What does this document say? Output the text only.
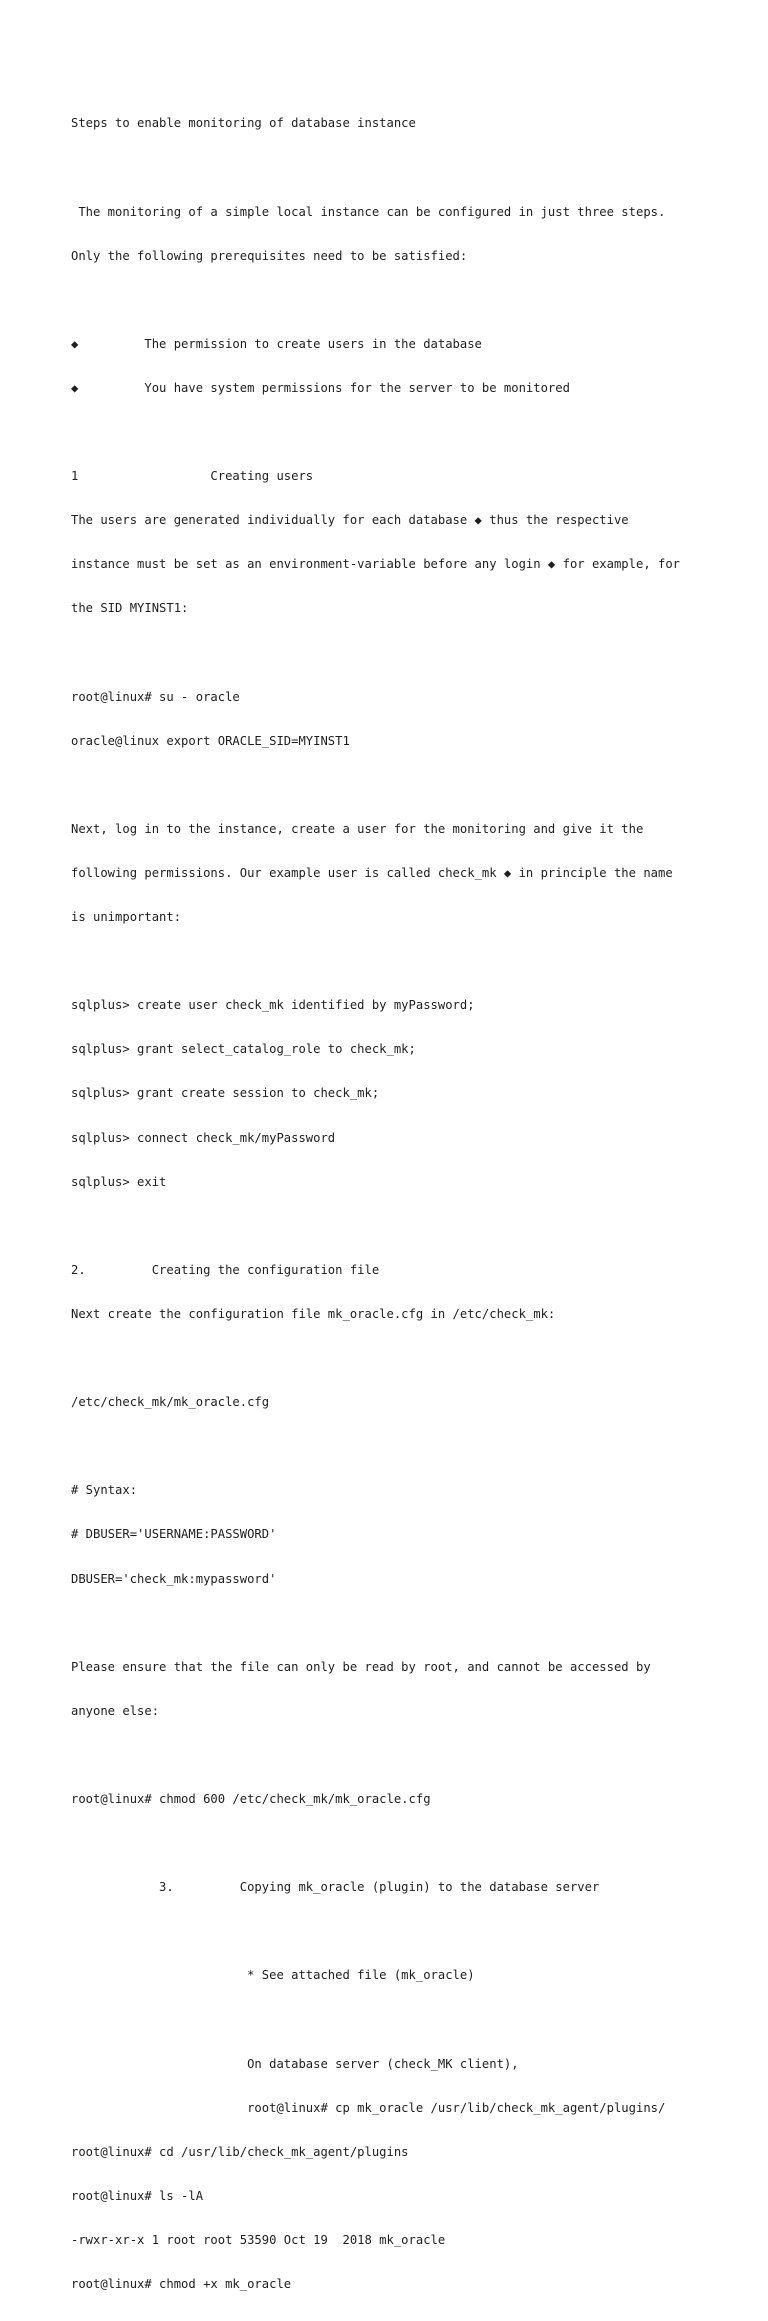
Steps to enable monitoring of database instance

The monitoring of a simple local instance can be configured in just three steps.

Only the following prerequisites need to be satisfied:

◆         The permission to create users in the database

◆         You have system permissions for the server to be monitored

1                  Creating users

The users are generated individually for each database ◆ thus the respective

instance must be set as an environment-variable before any login ◆ for example, for

the SID MYINST1:

root@linux# su - oracle

oracle@linux export ORACLE_SID=MYINST1

Next, log in to the instance, create a user for the monitoring and give it the

following permissions. Our example user is called check_mk ◆ in principle the name

is unimportant:

sqlplus> create user check_mk identified by myPassword;

sqlplus> grant select_catalog_role to check_mk;

sqlplus> grant create session to check_mk;

sqlplus> connect check_mk/myPassword

sqlplus> exit

2.         Creating the configuration file

Next create the configuration file mk_oracle.cfg in /etc/check_mk:

/etc/check_mk/mk_oracle.cfg

# Syntax:

# DBUSER='USERNAME:PASSWORD'

DBUSER='check_mk:mypassword'

Please ensure that the file can only be read by root, and cannot be accessed by

anyone else:

root@linux# chmod 600 /etc/check_mk/mk_oracle.cfg

3.         Copying mk_oracle (plugin) to the database server

* See attached file (mk_oracle)

On database server (check_MK client),

root@linux# cp mk_oracle /usr/lib/check_mk_agent/plugins/

root@linux# cd /usr/lib/check_mk_agent/plugins

root@linux# ls -lA

-rwxr-xr-x 1 root root 53590 Oct 19  2018 mk_oracle

root@linux# chmod +x mk_oracle
